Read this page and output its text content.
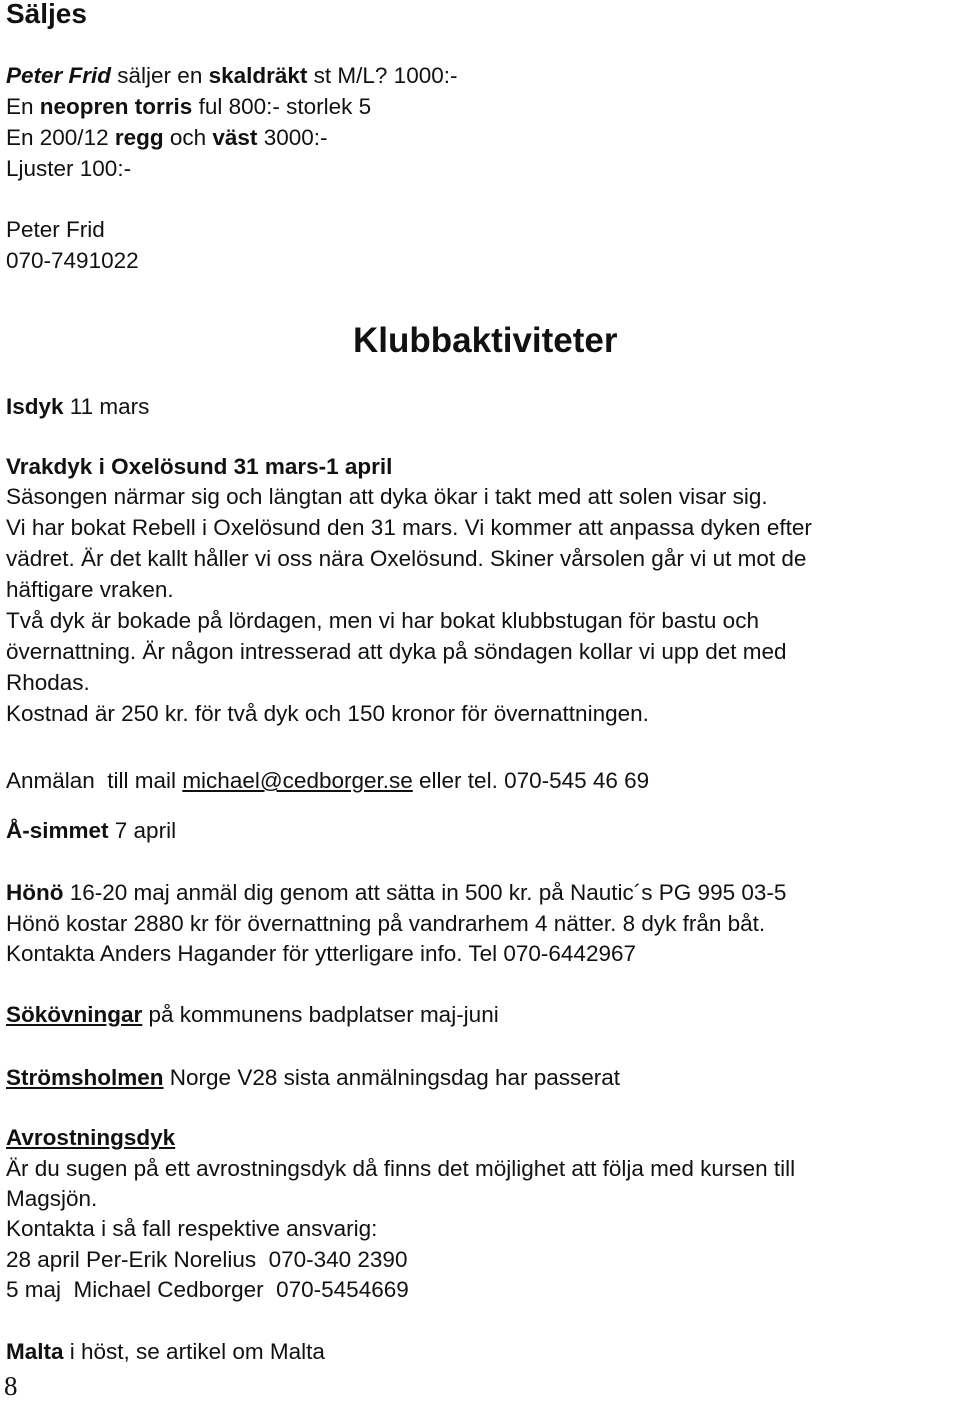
Säljes

Peter Frid säljer en skaldräkt st M/L? 1000:-

En neopren torris ful 800:- storlek 5

En 200/12 regg och väst 3000:-

Ljuster 100:-

Peter Frid

070-7491022

Klubbaktiviteter

Isdyk 11 mars

Vrakdyk i Oxelösund 31 mars-1 april

Säsongen närmar sig och längtan att dyka ökar i takt med att solen visar sig.

Vi har bokat Rebell i Oxelösund den 31 mars. Vi kommer att anpassa dyken efter

vädret. Är det kallt håller vi oss nära Oxelösund. Skiner vårsolen går vi ut mot de

häftigare vraken.

Två dyk är bokade på lördagen, men vi har bokat klubbstugan för bastu och

övernattning. Är någon intresserad att dyka på söndagen kollar vi upp det med

Rhodas.

Kostnad är 250 kr. för två dyk och 150 kronor för övernattningen.

Anmälan  till mail michael@cedborger.se eller tel. 070-545 46 69

Å-simmet 7 april

Hönö 16-20 maj anmäl dig genom att sätta in 500 kr. på Nautic´s PG 995 03-5

Hönö kostar 2880 kr för övernattning på vandrarhem 4 nätter. 8 dyk från båt.

Kontakta Anders Hagander för ytterligare info. Tel 070-6442967

Sökövningar på kommunens badplatser maj-juni

Strömsholmen Norge V28 sista anmälningsdag har passerat

Avrostningsdyk

Är du sugen på ett avrostningsdyk då finns det möjlighet att följa med kursen till

Magsjön.

Kontakta i så fall respektive ansvarig:

28 april Per-Erik Norelius  070-340 2390

5 maj  Michael Cedborger  070-5454669

Malta i höst, se artikel om Malta

8
